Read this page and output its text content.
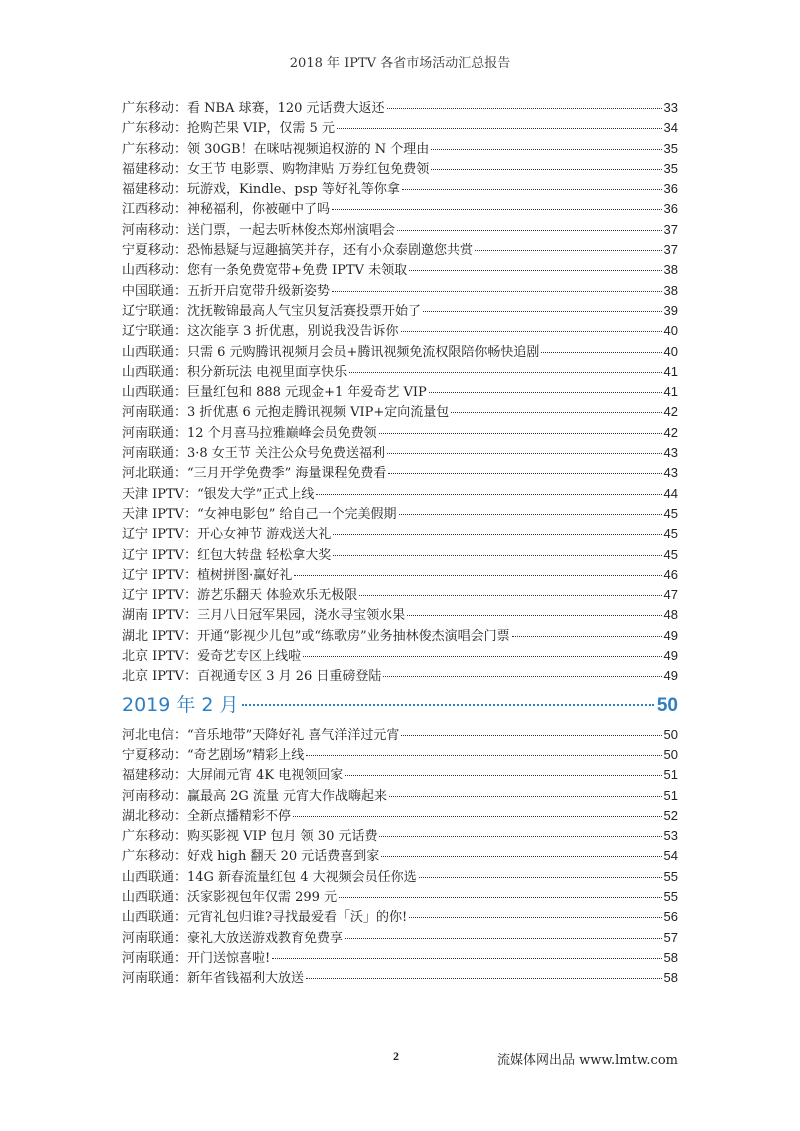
2018 年 IPTV 各省市场活动汇总报告
广东移动：看 NBA 球赛，120 元话费大返还	33
广东移动：抢购芒果 VIP，仅需 5 元	34
广东移动：领 30GB！在咪咕视频追权游的 N 个理由	35
福建移动：女王节 电影票、购物津贴 万券红包免费领	35
福建移动：玩游戏，Kindle、psp 等好礼等你拿	36
江西移动：神秘福利，你被砸中了吗	36
河南移动：送门票，一起去听林俊杰郑州演唱会	37
宁夏移动：恐怖悬疑与逗趣搞笑并存，还有小众泰剧邀您共赏	37
山西移动：您有一条免费宽带+免费 IPTV 未领取	38
中国联通：五折开启宽带升级新姿势	38
辽宁联通：沈抚鞍锦最高人气宝贝复活赛投票开始了	39
辽宁联通：这次能享 3 折优惠，别说我没告诉你	40
山西联通：只需 6 元购腾讯视频月会员+腾讯视频免流权限陪你畅快追剧	40
山西联通：积分新玩法 电视里面享快乐	41
山西联通：巨量红包和 888 元现金+1 年爱奇艺 VIP	41
河南联通：3 折优惠 6 元抱走腾讯视频 VIP+定向流量包	42
河南联通：12 个月喜马拉雅巅峰会员免费领	42
河南联通：3·8 女王节 关注公众号免费送福利	43
河北联通：“三月开学免费季” 海量课程免费看	43
天津 IPTV：“银发大学”正式上线	44
天津 IPTV：“女神电影包” 给自己一个完美假期	45
辽宁 IPTV：开心女神节 游戏送大礼	45
辽宁 IPTV：红包大转盘 轻松拿大奖	45
辽宁 IPTV：植树拼图·赢好礼	46
辽宁 IPTV：游艺乐翻天 体验欢乐无极限	47
湖南 IPTV：三月八日冠军果园，浇水寻宝领水果	48
湖北 IPTV：开通“影视少儿包”或“练歌房”业务抽林俊杰演唱会门票	49
北京 IPTV：爱奇艺专区上线啦	49
北京 IPTV：百视通专区 3 月 26 日重磅登陆	49
2019 年 2 月	50
河北电信：“音乐地带”天降好礼 喜气洋洋过元宵	50
宁夏移动：“奇艺剧场”精彩上线	50
福建移动：大屏闹元宵 4K 电视领回家	51
河南移动：赢最高 2G 流量 元宵大作战嗨起来	51
湖北移动：全新点播精彩不停	52
广东移动：购买影视 VIP 包月 领 30 元话费	53
广东移动：好戏 high 翻天 20 元话费喜到家	54
山西联通：14G 新春流量红包 4 大视频会员任你选	55
山西联通：沃家影视包年仅需 299 元	55
山西联通：元宵礼包归谁?寻找最爱看「沃」的你!	56
河南联通：豪礼大放送游戏教育免费享	57
河南联通：开门送惊喜啦!	58
河南联通：新年省钱福利大放送	58
2	流媒体网出品 www.lmtw.com
